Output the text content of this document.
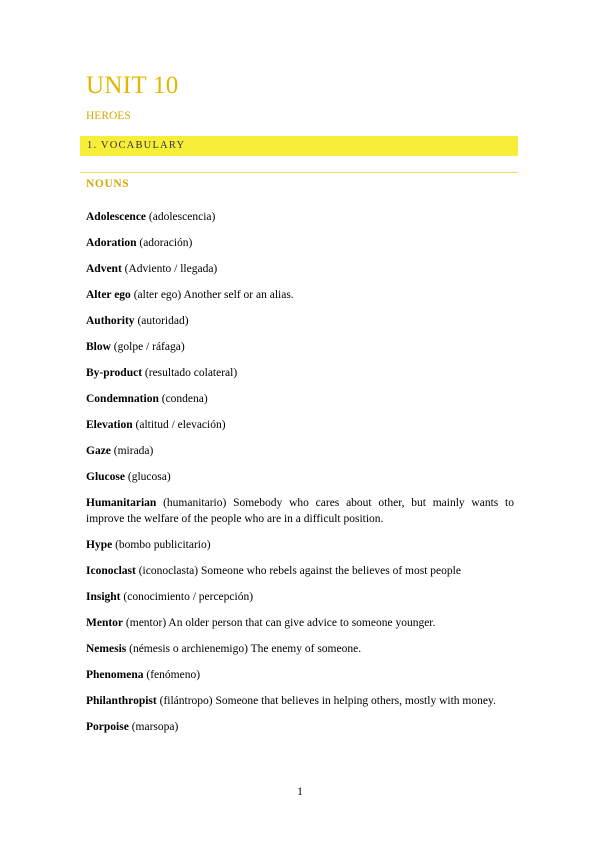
UNIT 10
HEROES
1. VOCABULARY
NOUNS
Adolescence (adolescencia)
Adoration (adoración)
Advent (Adviento / llegada)
Alter ego (alter ego) Another self or an alias.
Authority (autoridad)
Blow (golpe / ráfaga)
By-product (resultado colateral)
Condemnation (condena)
Elevation (altitud / elevación)
Gaze (mirada)
Glucose (glucosa)
Humanitarian (humanitario) Somebody who cares about other, but mainly wants to improve the welfare of the people who are in a difficult position.
Hype (bombo publicitario)
Iconoclast (iconoclasta) Someone who rebels against the believes of most people
Insight (conocimiento / percepción)
Mentor (mentor) An older person that can give advice to someone younger.
Nemesis (némesis o archienemigo) The enemy of someone.
Phenomena (fenómeno)
Philanthropist (filántropo) Someone that believes in helping others, mostly with money.
Porpoise (marsopa)
1
